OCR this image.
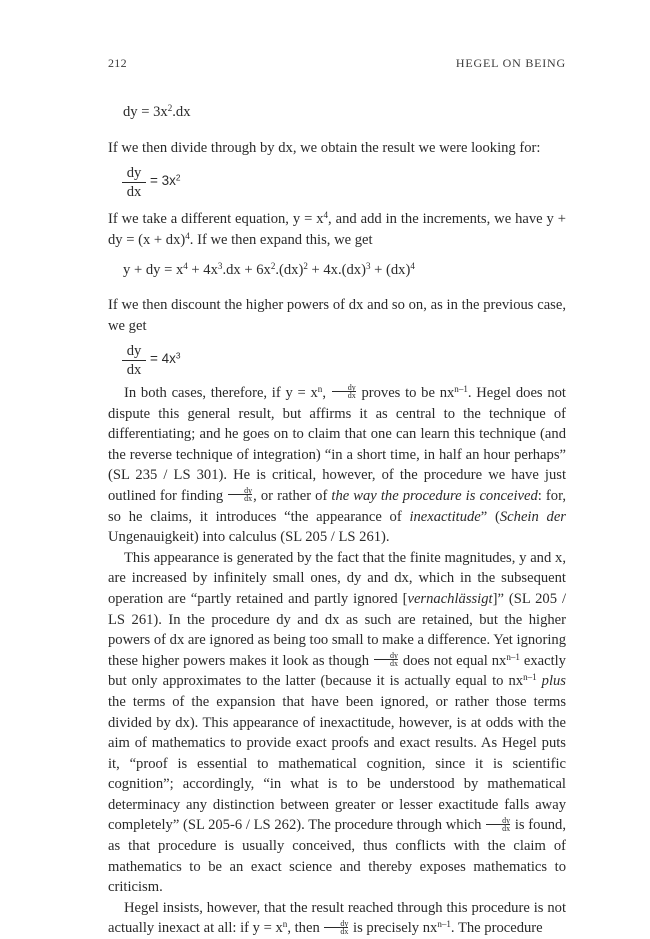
212	HEGEL ON BEING
dy = $3x^2.dx$
If we then divide through by dx, we obtain the result we were looking for:
dy
dx
= $3x^2$
If we take a different equation, $y = x^4$, and add in the increments, we have y + dy = (x + dx)$^4$. If we then expand this, we get
y + dy = $x^4 + 4x^3.dx + 6x^2.(dx)^2 + 4x.(dx)^3 + (dx)^4$
If we then discount the higher powers of dx and so on, as in the previous case, we get
dy
dx
= $4x^3$

In both cases, therefore, if $y = x^n$, $\frac{dy}{dx}$ proves to be $nx^{n-1}$. Hegel does not dispute this general result, but affirms it as central to the technique of differentiating; and he goes on to claim that one can learn this technique (and the reverse technique of integration) “in a short time, in half an hour perhaps” (SL 235 / LS 301). He is critical, however, of the procedure we have just outlined for finding $\frac{dy}{dx}$ , or rather of the way the procedure is conceived: for, so he claims, it introduces “the appearance of inexactitude” (Schein der Ungenauigkeit) into calculus (SL 205 / LS 261).

This appearance is generated by the fact that the finite magnitudes, y and x, are increased by infinitely small ones, dy and dx, which in the subsequent operation are “partly retained and partly ignored [vernachlässigt]” (SL 205 / LS 261). In the procedure dy and dx as such are retained, but the higher powers of dx are ignored as being too small to make a difference. Yet ignoring these higher powers makes it look as though $\frac{dy}{dx}$ does not equal $nx^{n-1}$ exactly but only approximates to the latter (because it is actually equal to $nx^{n-1}$ plus the terms of the expansion that have been ignored, or rather those terms divided by dx). This appearance of inexactitude, however, is at odds with the aim of mathematics to provide exact proofs and exact results. As Hegel puts it, “proof is essential to mathematical cognition, since it is scientific cognition”; accordingly, “in what is to be understood by mathematical determinacy any distinction between greater or lesser exactitude falls away completely” (SL 205-6 / LS 262). The procedure through which $\frac{dy}{dx}$ is found, as that procedure is usually conceived, thus conflicts with the claim of mathematics to be an exact science and thereby exposes mathematics to criticism.

Hegel insists, however, that the result reached through this procedure is not actually inexact at all: if $y = x^n$, then $\frac{dy}{dx}$ is precisely $nx^{n-1}$. The procedure
